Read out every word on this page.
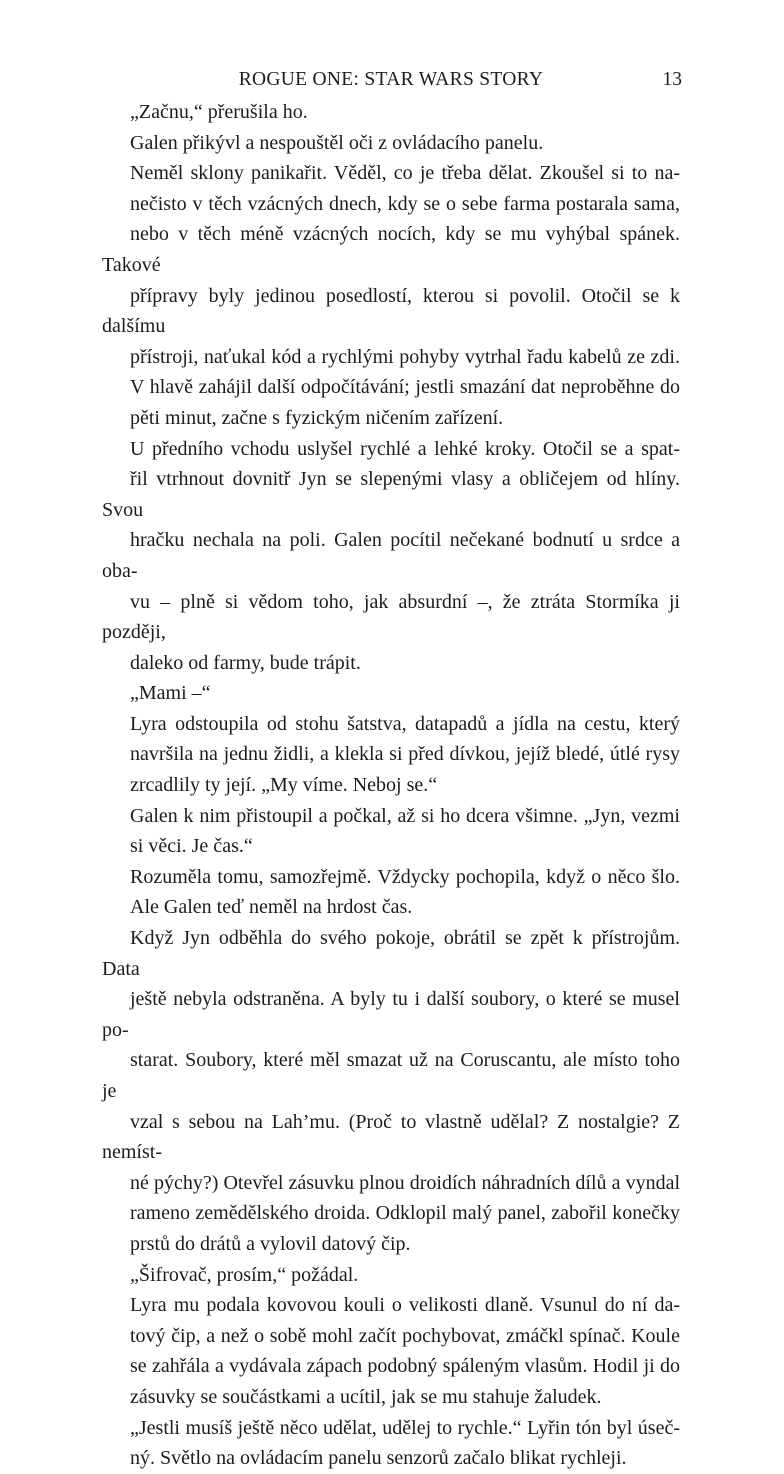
ROGUE ONE: STAR WARS STORY	13

„Začnu,“ přerušila ho.

Galen přikývl a nespouštěl oči z ovládacího panelu.

Neměl sklony panikařit. Věděl, co je třeba dělat. Zkoušel si to na-
nečisto v těch vzácných dnech, kdy se o sebe farma postarala sama,
nebo v těch méně vzácných nocích, kdy se mu vyhýbal spánek. Takové
přípravy byly jedinou posedlostí, kterou si povolil. Otočil se k dalšímu
přístroji, naťukal kód a rychlými pohyby vytrhal řadu kabelů ze zdi.
V hlavě zahájil další odpočítávání; jestli smazání dat neproběhne do
pěti minut, začne s fyzickým ničením zařízení.

U předního vchodu uslyšel rychlé a lehké kroky. Otočil se a spat-
řil vtrhnout dovnitř Jyn se slepenými vlasy a obličejem od hlíny. Svou
hračku nechala na poli. Galen pocítil nečekané bodnutí u srdce a oba-
vu – plně si vědom toho, jak absurdní –, že ztráta Stormíka ji později,
daleko od farmy, bude trápit.

„Mami –“

Lyra odstoupila od stohu šatstva, datapadů a jídla na cestu, který
navršila na jednu židli, a klekla si před dívkou, jejíž bledé, útlé rysy
zrcadlily ty její. „My víme. Neboj se.“

Galen k nim přistoupil a počkal, až si ho dcera všimne. „Jyn, vezmi
si věci. Je čas.“

Rozuměla tomu, samozřejmě. Vždycky pochopila, když o něco šlo.
Ale Galen teď neměl na hrdost čas.

Když Jyn odběhla do svého pokoje, obrátil se zpět k přístrojům. Data
ještě nebyla odstraněna. A byly tu i další soubory, o které se musel po-
starat. Soubory, které měl smazat už na Coruscantu, ale místo toho je
vzal s sebou na Lah’mu. (Proč to vlastně udělal? Z nostalgie? Z nemíst-
né pýchy?) Otevřel zásuvku plnou droidích náhradních dílů a vyndal
rameno zemědělského droida. Odklopil malý panel, zabořil konečky
prstů do drátů a vylovil datový čip.

„Šifrovač, prosím,“ požádal.

Lyra mu podala kovovou kouli o velikosti dlaně. Vsunul do ní da-
tový čip, a než o sobě mohl začít pochybovat, zmáčkl spínač. Koule
se zahřála a vydávala zápach podobný spáleným vlasům. Hodil ji do
zásuvky se součástkami a ucítil, jak se mu stahuje žaludek.

„Jestli musíš ještě něco udělat, udělej to rychle.“ Lyřin tón byl úseč-
ný. Světlo na ovládacím panelu senzorů začalo blikat rychleji.
